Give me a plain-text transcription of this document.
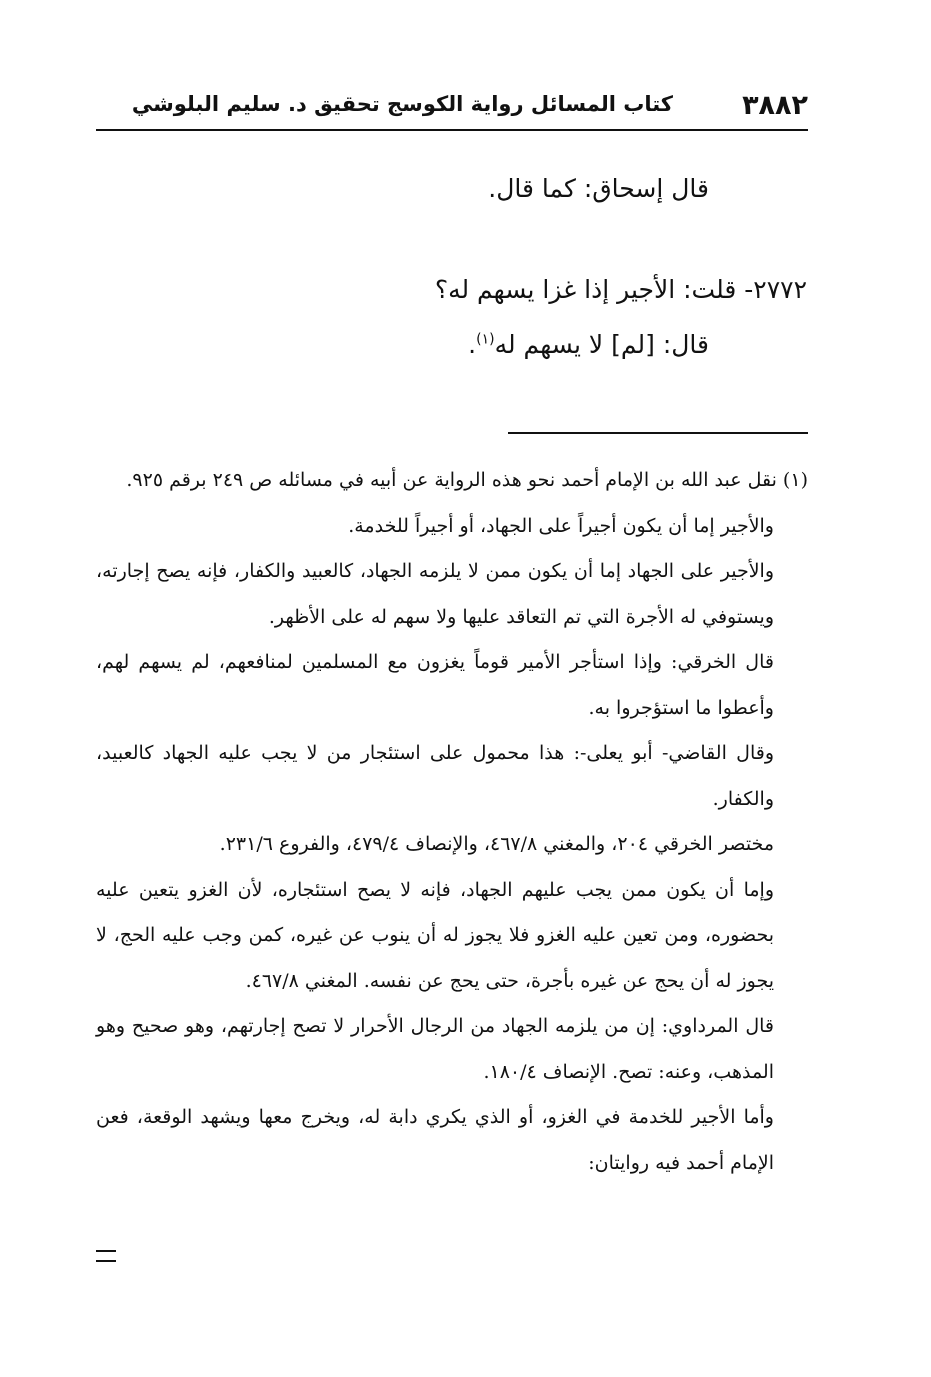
٣٨٨٢
كتاب المسائل رواية الكوسج تحقيق د. سليم البلوشي
قال إسحاق: كما قال.
٢٧٧٢- قلت: الأجير إذا غزا يسهم له؟
قال: [لم] لا يسهم له$^{(١)}$.

(١) نقل عبد الله بن الإمام أحمد نحو هذه الرواية عن أبيه في مسائله ص ٢٤٩ برقم ٩٢٥.

والأجير إما أن يكون أجيراً على الجهاد، أو أجيراً للخدمة.

والأجير على الجهاد إما أن يكون ممن لا يلزمه الجهاد، كالعبيد والكفار، فإنه يصح إجارته، ويستوفي له الأجرة التي تم التعاقد عليها ولا سهم له على الأظهر.

قال الخرقي: وإذا استأجر الأمير قوماً يغزون مع المسلمين لمنافعهم، لم يسهم لهم، وأعطوا ما استؤجروا به.

وقال القاضي- أبو يعلى-: هذا محمول على استئجار من لا يجب عليه الجهاد كالعبيد، والكفار.

مختصر الخرقي ٢٠٤، والمغني ٤٦٧/٨، والإنصاف ٤٧٩/٤، والفروع ٢٣١/٦.

وإما أن يكون ممن يجب عليهم الجهاد، فإنه لا يصح استئجاره، لأن الغزو يتعين عليه بحضوره، ومن تعين عليه الغزو فلا يجوز له أن ينوب عن غيره، كمن وجب عليه الحج، لا يجوز له أن يحج عن غيره بأجرة، حتى يحج عن نفسه. المغني ٤٦٧/٨.

قال المرداوي: إن من يلزمه الجهاد من الرجال الأحرار لا تصح إجارتهم، وهو صحيح وهو المذهب، وعنه: تصح. الإنصاف ١٨٠/٤.

وأما الأجير للخدمة في الغزو، أو الذي يكري دابة له، ويخرج معها ويشهد الوقعة، فعن الإمام أحمد فيه روايتان:
